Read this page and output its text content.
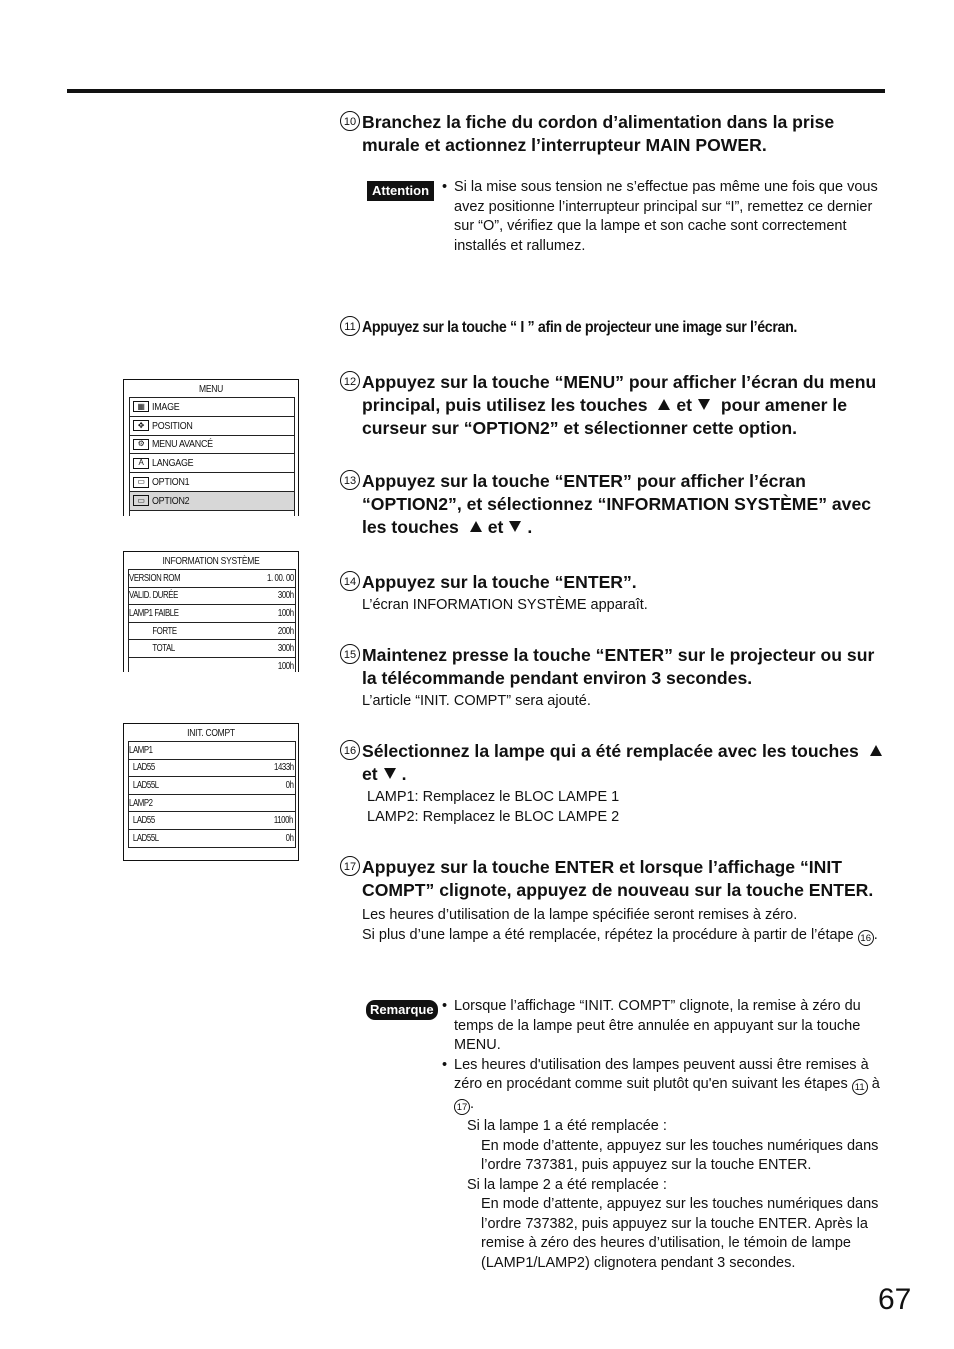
10 Branchez la fiche du cordon d’alimentation dans la prise murale et actionnez l’interrupteur MAIN POWER.
Attention	• Si la mise sous tension ne s’effectue pas même une fois que vous avez positionne l’interrupteur principal sur “I”, remettez ce dernier sur “O”, vérifiez que la lampe et son cache sont correctement installés et rallumez.

11 Appuyez sur la touche “ I ” afin de projecteur une image sur l’écran.
12 Appuyez sur la touche “MENU” pour afficher l’écran du menu principal, puis utilisez les touches et pour amener le curseur sur “OPTION2” et sélectionner cette option.
13 Appuyez sur la touche “ENTER” pour afficher l’écran “OPTION2”, et sélectionnez “INFORMATION SYSTÈME” avec les touches et .
14 Appuyez sur la touche “ENTER”.
L’écran INFORMATION SYSTÈME apparaît.
15 Maintenez presse la touche “ENTER” sur le projecteur ou sur la télécommande pendant environ 3 secondes.
L’article “INIT. COMPT” sera ajouté.
16 Sélectionnez la lampe qui a été remplacée avec les touches et .
LAMP1: Remplacez le BLOC LAMPE 1
LAMP2: Remplacez le BLOC LAMPE 2
17 Appuyez sur la touche ENTER et lorsque l’affichage “INIT COMPT” clignote, appuyez de nouveau sur la touche ENTER.
Les heures d’utilisation de la lampe spécifiée seront remises à zéro.
Si plus d’une lampe a été remplacée, répétez la procédure à partir de l’étape 16 .
Remarque	• Lorsque l’affichage “INIT. COMPT” clignote, la remise à zéro du temps de la lampe peut être annulée en appuyant sur la touche MENU.

• Les heures d'utilisation des lampes peuvent aussi être remises à zéro en procédant comme suit plutôt qu'en suivant les étapes 11 à 17 .

Si la lampe 1 a été remplacée :

En mode d’attente, appuyez sur les touches numériques dans l’ordre 737381, puis appuyez sur la touche ENTER.

Si la lampe 2 a été remplacée :

En mode d’attente, appuyez sur les touches numériques dans l’ordre 737382, puis appuyez sur la touche ENTER. Après la remise à zéro des heures d’utilisation, le témoin de lampe (LAMP1/LAMP2) clignotera pendant 3 secondes.

MENU
▦ IMAGE
✥ POSITION
⚙ MENU AVANCÉ
A LANGAGE
▭ OPTION1
▭ OPTION2
INFORMATION SYSTÈME
VERSION ROM	1. 00. 00
VALID. DURÉE	300h
LAMP1 FAIBLE	100h
FORTE	200h
TOTAL	300h
100h
INIT. COMPT
LAMP1
LAD55	1433h
LAD55L	0h
LAMP2
LAD55	1100h
LAD55L	0h
67
